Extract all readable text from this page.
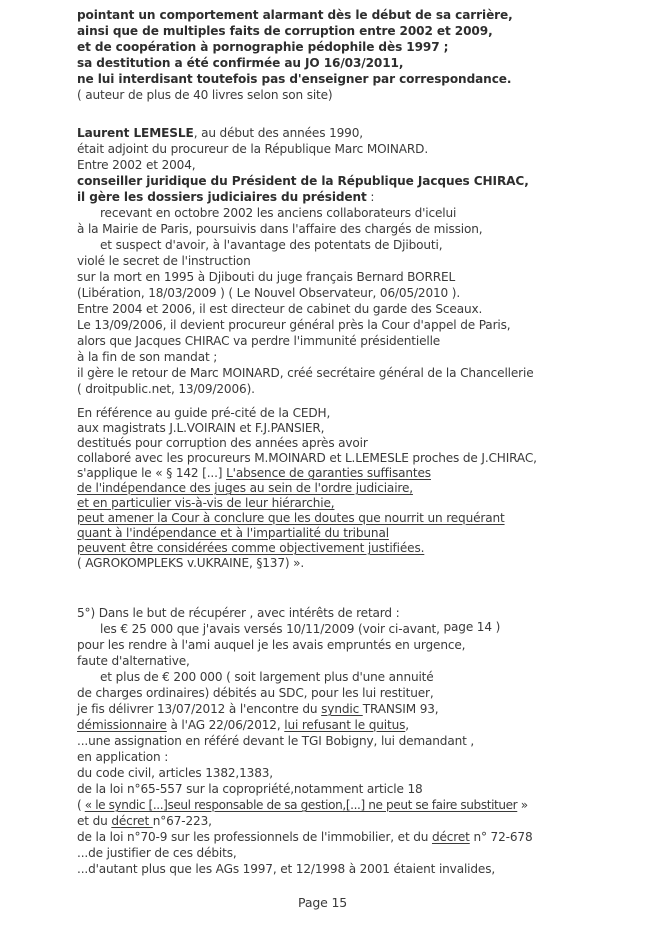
pointant un comportement alarmant dès le début de sa carrière,
ainsi que de multiples faits de corruption entre 2002 et 2009,
et de coopération à pornographie pédophile dès 1997 ;
sa destitution a été confirmée au JO 16/03/2011,
ne lui interdisant toutefois pas d'enseigner par correspondance.
( auteur de plus de 40 livres selon son site)
Laurent LEMESLE, au début des années 1990,
était adjoint du procureur de la République Marc MOINARD.
Entre 2002 et 2004,
conseiller juridique du Président de la République Jacques CHIRAC,
il gère les dossiers judiciaires du président :
recevant en octobre 2002 les anciens collaborateurs d'icelui
à la Mairie de Paris, poursuivis dans l'affaire des chargés de mission,
et suspect d'avoir, à l'avantage des potentats de Djibouti,
violé le secret de l'instruction
sur la mort en 1995 à Djibouti du juge français Bernard BORREL
(Libération, 18/03/2009 ) ( Le Nouvel Observateur, 06/05/2010 ).
Entre 2004 et 2006, il est directeur de cabinet du garde des Sceaux.
Le 13/09/2006, il devient procureur général près la Cour d'appel de Paris,
alors que Jacques CHIRAC va perdre l'immunité présidentielle
à la fin de son mandat ;
il gère le retour de Marc MOINARD, créé secrétaire général de la Chancellerie
( droitpublic.net, 13/09/2006).
En référence au guide pré-cité de la CEDH,
aux magistrats J.L.VOIRAIN et F.J.PANSIER,
destitués pour corruption des années après avoir
collaboré avec les procureurs M.MOINARD et L.LEMESLE proches de J.CHIRAC,
s'applique le « § 142 [...] L'absence de garanties suffisantes
de l'indépendance des juges au sein de l'ordre judiciaire,
et en particulier vis-à-vis de leur hiérarchie,
peut amener la Cour à conclure que les doutes que nourrit un requérant
quant à l'indépendance et à l'impartialité du tribunal
peuvent être considérées comme objectivement justifiées.
( AGROKOMPLEKS v.UKRAINE, §137) ».
5°) Dans le but de récupérer , avec intérêts de retard :
les € 25 000 que j'avais versés 10/11/2009 (voir ci-avant, page 14 )
pour les rendre à l'ami auquel je les avais empruntés en urgence,
faute d'alternative,
et plus de € 200 000 ( soit largement plus d'une annuité
de charges ordinaires) débités au SDC, pour les lui restituer,
je fis délivrer 13/07/2012 à l'encontre du syndic TRANSIM 93,
démissionnaire à l'AG 22/06/2012, lui refusant le quitus,
...une assignation en référé devant le TGI Bobigny, lui demandant ,
en application :
du code civil, articles 1382,1383,
de la loi n°65-557 sur la copropriété,notamment article 18
( « le syndic [...]seul responsable de sa gestion,[...] ne peut se faire substituer »
et du décret n°67-223,
de la loi n°70-9 sur les professionnels de l'immobilier, et du décret n° 72-678
...de justifier de ces débits,
...d'autant plus que les AGs 1997, et 12/1998 à 2001 étaient invalides,
Page 15
